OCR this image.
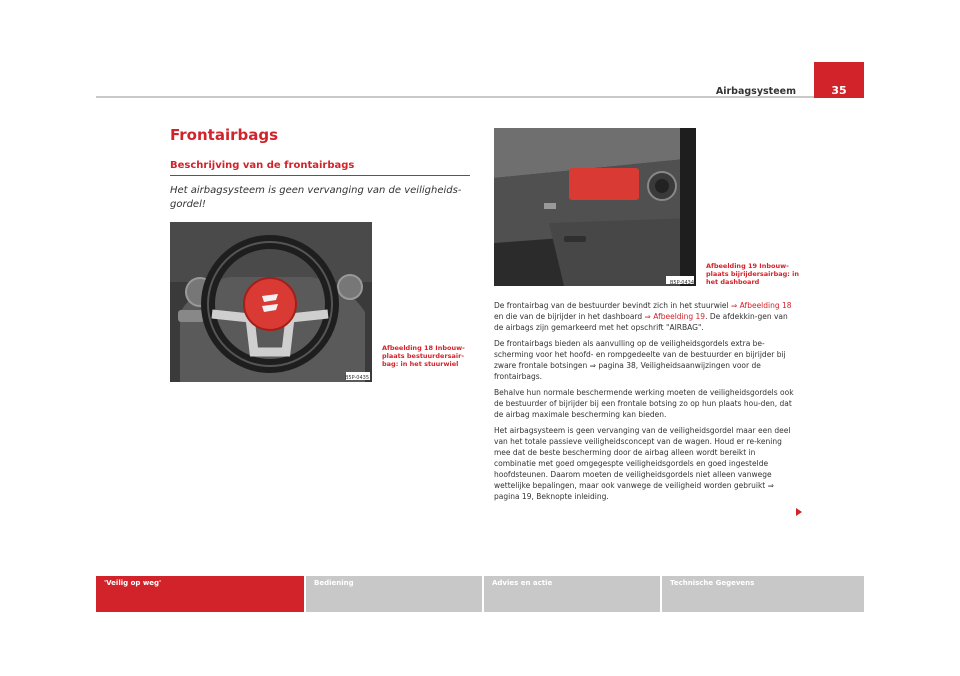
Airbagsysteem	35
Frontairbags
Beschrijving van de frontairbags
Het airbagsysteem is geen vervanging van de veiligheids-gordel!
B5P-0435
Afbeelding 18 Inbouw-
plaats bestuurdersair-
bag: in het stuurwiel
B5P-0434
Afbeelding 19 Inbouw-
plaats bijrijdersairbag: in
het dashboard

De frontairbag van de bestuurder bevindt zich in het stuurwiel ⇒ Afbeelding 18 en die van de bijrijder in het dashboard ⇒ Afbeelding 19. De afdekkin-gen van de airbags zijn gemarkeerd met het opschrift "AIRBAG".

De frontairbags bieden als aanvulling op de veiligheidsgordels extra be-scherming voor het hoofd- en rompgedeelte van de bestuurder en bijrijder bij zware frontale botsingen ⇒ pagina 38, Veiligheidsaanwijzingen voor de frontairbags.

Behalve hun normale beschermende werking moeten de veiligheidsgordels ook de bestuurder of bijrijder bij een frontale botsing zo op hun plaats hou-den, dat de airbag maximale bescherming kan bieden.

Het airbagsysteem is geen vervanging van de veiligheidsgordel maar een deel van het totale passieve veiligheidsconcept van de wagen. Houd er re-kening mee dat de beste bescherming door de airbag alleen wordt bereikt in combinatie met goed omgegespte veiligheidsgordels en goed ingestelde hoofdsteunen. Daarom moeten de veiligheidsgordels niet alleen vanwege wettelijke bepalingen, maar ook vanwege de veiligheid worden gebruikt ⇒ pagina 19, Beknopte inleiding.

'Veilig op weg'	Bediening	Advies en actie	Technische Gegevens
